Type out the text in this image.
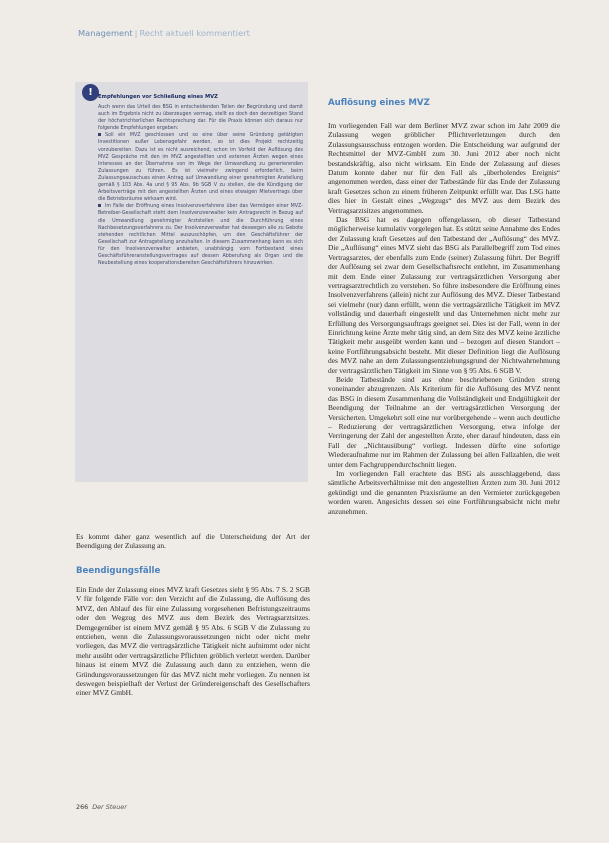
Management | Recht aktuell kommentiert
!	Empfehlungen vor Schließung eines MVZ

Auch wenn das Urteil des BSG in entscheidenden Teilen der Begründung und damit auch im Ergebnis nicht zu überzeugen vermag, stellt es doch den derzeitigen Stand der höchstrichterlichen Rechtsprechung dar. Für die Praxis können sich daraus nur folgende Empfehlungen ergeben:

Soll ein MVZ geschlossen und so eine über seine Gründung getätigten Investitionen außer Lebensgefahr werden, so ist dies Projekt rechtzeitig vorzubereiten. Dazu ist es nicht ausreichend, schon im Vorfeld der Auflösung des MVZ Gespräche mit den im MVZ angestellten und externen Ärzten wegen eines Interesses an der Übernahme von im Wege der Umwandlung zu generierenden Zulassungen zu führen. Es ist vielmehr zwingend erforderlich, beim Zulassungsausschuss einen Antrag auf Umwandlung einer genehmigten Anstellung gemäß § 103 Abs. 4a und § 95 Abs. 9b SGB V zu stellen, die die Kündigung der Arbeitsverträge mit den angestellten Ärzten und eines etwaigen Mietvertrags über die Betriebsräume wirksam wird.

Im Falle der Eröffnung eines Insolvenzverfahrens über das Vermögen einer MVZ-Betreiber-Gesellschaft steht dem Insolvenzverwalter kein Antragsrecht in Bezug auf die Umwandlung genehmigter Arztstellen und die Durchführung eines Nachbesetzungsverfahrens zu. Der Insolvenzverwalter hat deswegen alle zu Gebote stehenden rechtlichen Mittel auszuschöpfen, um den Geschäftsführer der Gesellschaft zur Antragstellung anzuhalten. In diesem Zusammenhang kann es sich für den Insolvenzverwalter anbieten, unabhängig vom Fortbestand eines Geschäftsführeranstellungsvertrages auf dessen Abberufung als Organ und die Neubestellung eines kooperationsbereiten Geschäftsführers hinzuwirken.

Es kommt daher ganz wesentlich auf die Unterscheidung der Art der Beendigung der Zulassung an.

Beendigungsfälle

Ein Ende der Zulassung eines MVZ kraft Gesetzes sieht § 95 Abs. 7 S. 2 SGB V für folgende Fälle vor: den Verzicht auf die Zulassung, die Auflösung des MVZ, den Ablauf des für eine Zulassung vorgesehenen Befristungszeitraums oder den Wegzug des MVZ aus dem Bezirk des Vertragsarztsitzes. Demgegenüber ist einem MVZ gemäß § 95 Abs. 6 SGB V die Zulassung zu entziehen, wenn die Zulassungsvoraussetzungen nicht oder nicht mehr vorliegen, das MVZ die vertragsärztliche Tätigkeit nicht aufnimmt oder nicht mehr ausübt oder vertragsärztliche Pflichten gröblich verletzt werden. Darüber hinaus ist einem MVZ die Zulassung auch dann zu entziehen, wenn die Gründungsvoraussetzungen für das MVZ nicht mehr vorliegen. Zu nennen ist deswegen beispielhaft der Verlust der Gründereigenschaft des Gesellschafters einer MVZ GmbH.

Auflösung eines MVZ

Im vorliegenden Fall war dem Berliner MVZ zwar schon im Jahr 2009 die Zulassung wegen gröblicher Pflichtverletzungen durch den Zulassungsausschuss entzogen worden. Die Entscheidung war aufgrund der Rechtsmittel der MVZ-GmbH zum 30. Juni 2012 aber noch nicht bestandskräftig, also nicht wirksam. Ein Ende der Zulassung auf dieses Datum konnte daher nur für den Fall als „überholendes Ereignis“ angenommen werden, dass einer der Tatbestände für das Ende der Zulassung kraft Gesetzes schon zu einem früheren Zeitpunkt erfüllt war. Das LSG hatte dies hier in Gestalt eines „Wegzugs“ des MVZ aus dem Bezirk des Vertragsarztsitzes angenommen.

Das BSG hat es dagegen offengelassen, ob dieser Tatbestand möglicherweise kumulativ vorgelegen hat. Es stützt seine Annahme des Endes der Zulassung kraft Gesetzes auf den Tatbestand der „Auflösung“ des MVZ. Die „Auflösung“ eines MVZ sieht das BSG als Parallelbegriff zum Tod eines Vertragsarztes, der ebenfalls zum Ende (seiner) Zulassung führt. Der Begriff der Auflösung sei zwar dem Gesellschaftsrecht entlehnt, im Zusammenhang mit dem Ende einer Zulassung zur vertragsärztlichen Versorgung aber vertragsarztrechtlich zu verstehen. So führe insbesondere die Eröffnung eines Insolvenzverfahrens (allein) nicht zur Auflösung des MVZ. Dieser Tatbestand sei vielmehr (nur) dann erfüllt, wenn die vertragsärztliche Tätigkeit im MVZ vollständig und dauerhaft eingestellt und das Unternehmen nicht mehr zur Erfüllung des Versorgungsauftrags geeignet sei. Dies ist der Fall, wenn in der Einrichtung keine Ärzte mehr tätig sind, an dem Sitz des MVZ keine ärztliche Tätigkeit mehr ausgeübt werden kann und – bezogen auf diesen Standort – keine Fortführungsabsicht besteht. Mit dieser Definition liegt die Auflösung des MVZ nahe an dem Zulassungsentziehungsgrund der Nichtwahrnehmung der vertragsärztlichen Tätigkeit im Sinne von § 95 Abs. 6 SGB V.

Beide Tatbestände sind aus ohne beschriebenen Gründen streng voneinander abzugrenzen. Als Kriterium für die Auflösung des MVZ nennt das BSG in diesem Zusammenhang die Vollständigkeit und Endgültigkeit der Beendigung der Teilnahme an der vertragsärztlichen Versorgung der Versicherten. Umgekehrt soll eine nur vorübergehende – wenn auch deutliche – Reduzierung der vertragsärztlichen Versorgung, etwa infolge der Verringerung der Zahl der angestellten Ärzte, eher darauf hindeuten, dass ein Fall der „Nichtausübung“ vorliegt. Indessen dürfte eine sofortige Wiederaufnahme nur im Rahmen der Zulassung bei allen Fallzahlen, die weit unter dem Fachgruppendurchschnitt liegen.

Im vorliegenden Fall erachtete das BSG als ausschlaggebend, dass sämtliche Arbeitsverhältnisse mit den angestellten Ärzten zum 30. Juni 2012 gekündigt und die genannten Praxisräume an den Vermieter zurückgegeben worden waren. Angesichts dessen sei eine Fortführungsabsicht nicht mehr anzunehmen.

266 Der Steuer
